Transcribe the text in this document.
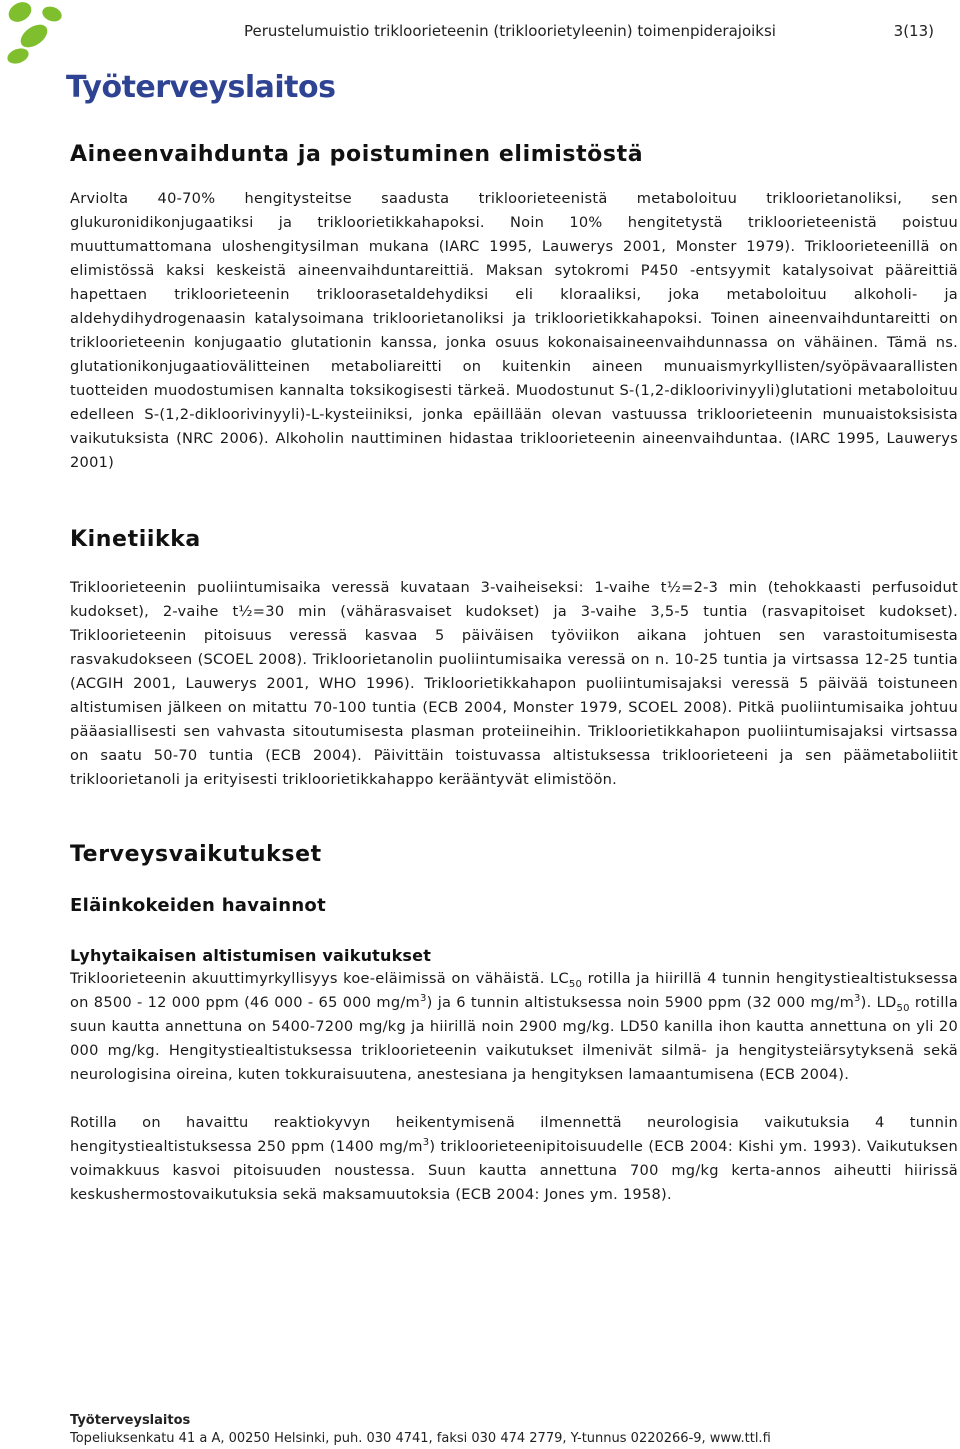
Työterveyslaitos
Perustelumuistio trikloorieteenin (trikloorietyleenin) toimenpiderajoiksi	3(13)
Aineenvaihdunta ja poistuminen elimistöstä

Arviolta 40-70% hengitysteitse saadusta trikloorieteenistä metaboloituu trikloorietanoliksi, sen glukuronidikonjugaatiksi ja trikloorietikkahapoksi. Noin 10% hengitetystä trikloorieteenistä poistuu muuttumattomana uloshengitysilman mukana (IARC 1995, Lauwerys 2001, Monster 1979). Trikloorieteenillä on elimistössä kaksi keskeistä aineenvaihduntareittiä. Maksan sytokromi P450 -entsyymit katalysoivat pääreittiä hapettaen trikloorieteenin trikloorasetaldehydiksi eli kloraaliksi, joka metaboloituu alkoholi- ja aldehydihydrogenaasin katalysoimana trikloorietanoliksi ja trikloorietikkahapoksi. Toinen aineenvaihduntareitti on trikloorieteenin konjugaatio glutationin kanssa, jonka osuus kokonaisaineenvaihdunnassa on vähäinen. Tämä ns. glutationikonjugaatiovälitteinen metaboliareitti on kuitenkin aineen munuaismyrkyllisten/syöpävaarallisten tuotteiden muodostumisen kannalta toksikogisesti tärkeä. Muodostunut S-(1,2-dikloorivinyyli)glutationi metaboloituu edelleen S-(1,2-dikloorivinyyli)-L-kysteiiniksi, jonka epäillään olevan vastuussa trikloorieteenin munuaistoksisista vaikutuksista (NRC 2006). Alkoholin nauttiminen hidastaa trikloorieteenin aineenvaihduntaa. (IARC 1995, Lauwerys 2001)

Kinetiikka

Trikloorieteenin puoliintumisaika veressä kuvataan 3-vaiheiseksi: 1-vaihe t½=2-3 min (tehokkaasti perfusoidut kudokset), 2-vaihe t½=30 min (vähärasvaiset kudokset) ja 3-vaihe 3,5-5 tuntia (rasvapitoiset kudokset). Trikloorieteenin pitoisuus veressä kasvaa 5 päiväisen työviikon aikana johtuen sen varastoitumisesta rasvakudokseen (SCOEL 2008). Trikloorietanolin puoliintumisaika veressä on n. 10-25 tuntia ja virtsassa 12-25 tuntia (ACGIH 2001, Lauwerys 2001, WHO 1996). Trikloorietikkahapon puoliintumisajaksi veressä 5 päivää toistuneen altistumisen jälkeen on mitattu 70-100 tuntia (ECB 2004, Monster 1979, SCOEL 2008). Pitkä puoliintumisaika johtuu pääasiallisesti sen vahvasta sitoutumisesta plasman proteiineihin. Trikloorietikkahapon puoliintumisajaksi virtsassa on saatu 50-70 tuntia (ECB 2004). Päivittäin toistuvassa altistuksessa trikloorieteeni ja sen päämetaboliitit trikloorietanoli ja erityisesti trikloorietikkahappo kerääntyvät elimistöön.

Terveysvaikutukset
Eläinkokeiden havainnot
Lyhytaikaisen altistumisen vaikutukset

Trikloorieteenin akuuttimyrkyllisyys koe-eläimissä on vähäistä. $LC_{50}$ rotilla ja hiirillä 4 tunnin hengitystiealtistuksessa on 8500 - 12 000 ppm (46 000 - 65 000 $mg/m^3$) ja 6 tunnin altistuksessa noin 5900 ppm (32 000 $mg/m^3$). $LD_{50}$ rotilla suun kautta annettuna on 5400-7200 mg/kg ja hiirillä noin 2900 mg/kg. LD50 kanilla ihon kautta annettuna on yli 20 000 mg/kg. Hengitystiealtistuksessa trikloorieteenin vaikutukset ilmenivät silmä- ja hengitysteiärsytyksenä sekä neurologisina oireina, kuten tokkuraisuutena, anestesiana ja hengityksen lamaantumisena (ECB 2004).

Rotilla on havaittu reaktiokyvyn heikentymisenä ilmennettä neurologisia vaikutuksia 4 tunnin hengitystiealtistuksessa 250 ppm (1400 $mg/m^3$) trikloorieteenipitoisuudelle (ECB 2004: Kishi ym. 1993). Vaikutuksen voimakkuus kasvoi pitoisuuden noustessa. Suun kautta annettuna 700 mg/kg kerta-annos aiheutti hiirissä keskushermostovaikutuksia sekä maksamuutoksia (ECB 2004: Jones ym. 1958).

Työterveyslaitos
Topeliuksenkatu 41 a A, 00250 Helsinki, puh. 030 4741, faksi 030 474 2779, Y-tunnus 0220266-9, www.ttl.fi
